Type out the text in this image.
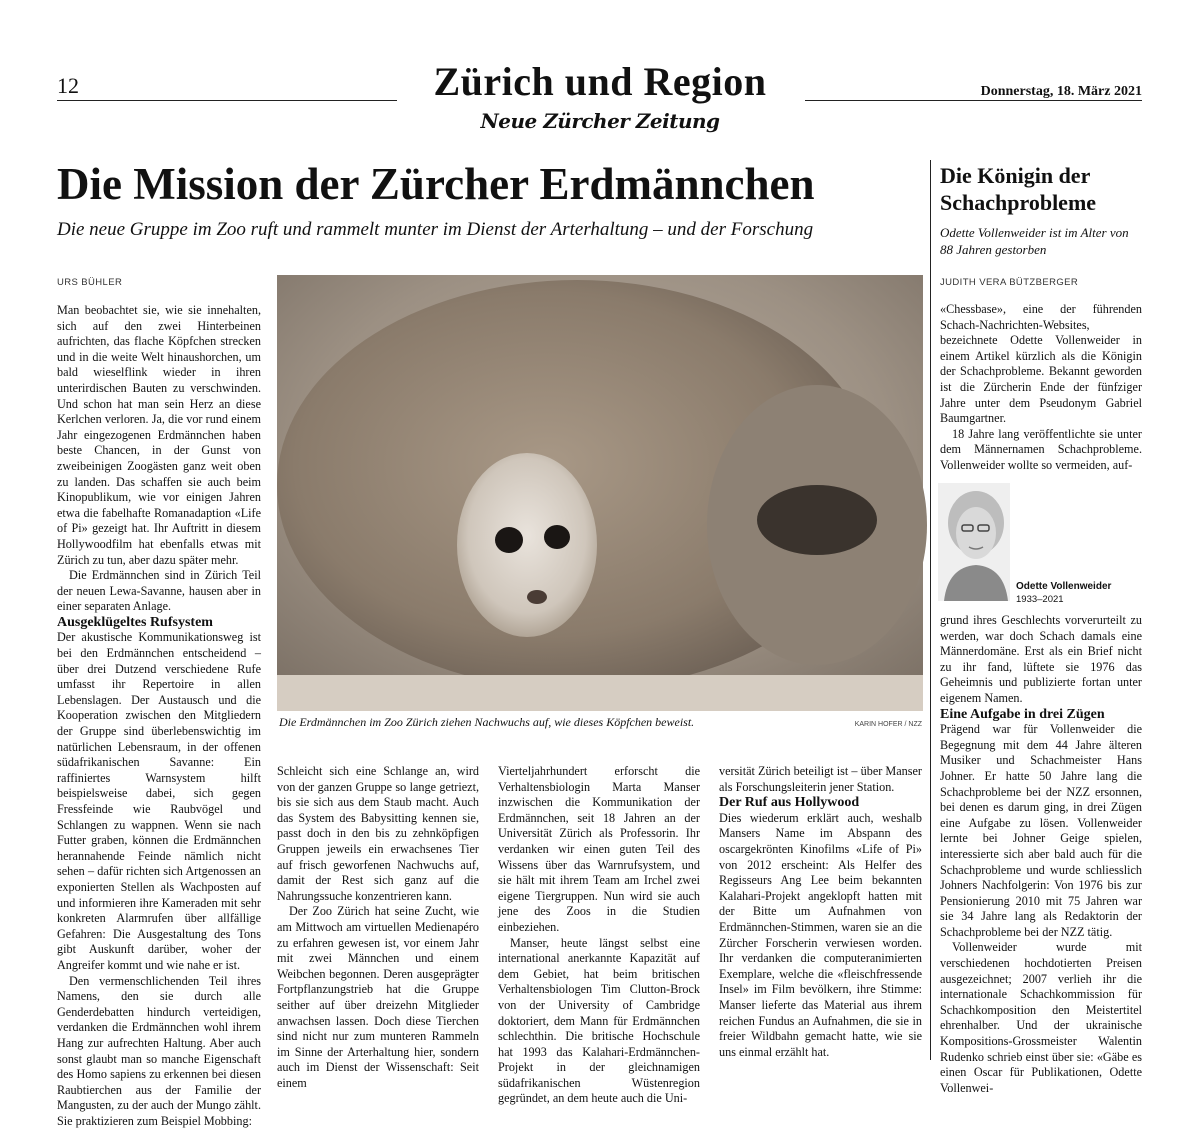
12	Zürich und Region
Neue Zürcher Zeitung
Donnerstag, 18. März 2021
Die Mission der Zürcher Erdmännchen
Die neue Gruppe im Zoo ruft und rammelt munter im Dienst der Arterhaltung – und der Forschung
URS BÜHLER

Man beobachtet sie, wie sie innehalten, sich auf den zwei Hinterbeinen aufrichten, das flache Köpfchen strecken und in die weite Welt hinaushorchen, um bald wieselflink wieder in ihren unterirdischen Bauten zu verschwinden. Und schon hat man sein Herz an diese Kerlchen verloren. Ja, die vor rund einem Jahr eingezogenen Erdmännchen haben beste Chancen, in der Gunst von zweibeinigen Zoogästen ganz weit oben zu landen. Das schaffen sie auch beim Kinopublikum, wie vor einigen Jahren etwa die fabelhafte Romanadaption «Life of Pi» gezeigt hat. Ihr Auftritt in diesem Hollywoodfilm hat ebenfalls etwas mit Zürich zu tun, aber dazu später mehr.

Die Erdmännchen sind in Zürich Teil der neuen Lewa-Savanne, hausen aber in einer separaten Anlage.

Ausgeklügeltes Rufsystem

Der akustische Kommunikationsweg ist bei den Erdmännchen entscheidend – über drei Dutzend verschiedene Rufe umfasst ihr Repertoire in allen Lebenslagen. Der Austausch und die Kooperation zwischen den Mitgliedern der Gruppe sind überlebenswichtig im natürlichen Lebensraum, in der offenen südafrikanischen Savanne: Ein raffiniertes Warnsystem hilft beispielsweise dabei, sich gegen Fressfeinde wie Raubvögel und Schlangen zu wappnen. Wenn sie nach Futter graben, können die Erdmännchen herannahende Feinde nämlich nicht sehen – dafür richten sich Artgenossen an exponierten Stellen als Wachposten auf und informieren ihre Kameraden mit sehr konkreten Alarmrufen über allfällige Gefahren: Die Ausgestaltung des Tons gibt Auskunft darüber, woher der Angreifer kommt und wie nahe er ist.

Den vermenschlichenden Teil ihres Namens, den sie durch alle Genderdebatten hindurch verteidigen, verdanken die Erdmännchen wohl ihrem Hang zur aufrechten Haltung. Aber auch sonst glaubt man so manche Eigenschaft des Homo sapiens zu erkennen bei diesen Raubtierchen aus der Familie der Mangusten, zu der auch der Mungo zählt. Sie praktizieren zum Beispiel Mobbing:

Die Erdmännchen im Zoo Zürich ziehen Nachwuchs auf, wie dieses Köpfchen beweist.	KARIN HOFER / NZZ

Schleicht sich eine Schlange an, wird von der ganzen Gruppe so lange getriezt, bis sie sich aus dem Staub macht. Auch das System des Babysitting kennen sie, passt doch in den bis zu zehnköpfigen Gruppen jeweils ein erwachsenes Tier auf frisch geworfenen Nachwuchs auf, damit der Rest sich ganz auf die Nahrungssuche konzentrieren kann.

Der Zoo Zürich hat seine Zucht, wie am Mittwoch am virtuellen Medienapéro zu erfahren gewesen ist, vor einem Jahr mit zwei Männchen und einem Weibchen begonnen. Deren ausgeprägter Fortpflanzungstrieb hat die Gruppe seither auf über dreizehn Mitglieder anwachsen lassen. Doch diese Tierchen sind nicht nur zum munteren Rammeln im Sinne der Arterhaltung hier, sondern auch im Dienst der Wissenschaft: Seit einem

Vierteljahrhundert erforscht die Verhaltensbiologin Marta Manser inzwischen die Kommunikation der Erdmännchen, seit 18 Jahren an der Universität Zürich als Professorin. Ihr verdanken wir einen guten Teil des Wissens über das Warnrufsystem, und sie hält mit ihrem Team am Irchel zwei eigene Tiergruppen. Nun wird sie auch jene des Zoos in die Studien einbeziehen.

Manser, heute längst selbst eine international anerkannte Kapazität auf dem Gebiet, hat beim britischen Verhaltensbiologen Tim Clutton-Brock von der University of Cambridge doktoriert, dem Mann für Erdmännchen schlechthin. Die britische Hochschule hat 1993 das Kalahari-Erdmännchen-Projekt in der gleichnamigen südafrikanischen Wüstenregion gegründet, an dem heute auch die Uni-

versität Zürich beteiligt ist – über Manser als Forschungsleiterin jener Station.

Der Ruf aus Hollywood

Dies wiederum erklärt auch, weshalb Mansers Name im Abspann des oscargekrönten Kinofilms «Life of Pi» von 2012 erscheint: Als Helfer des Regisseurs Ang Lee beim bekannten Kalahari-Projekt angeklopft hatten mit der Bitte um Aufnahmen von Erdmännchen-Stimmen, waren sie an die Zürcher Forscherin verwiesen worden. Ihr verdanken die computeranimierten Exemplare, welche die «fleischfressende Insel» im Film bevölkern, ihre Stimme: Manser lieferte das Material aus ihrem reichen Fundus an Aufnahmen, die sie in freier Wildbahn gemacht hatte, wie sie uns einmal erzählt hat.

Die Königin der Schachprobleme
Odette Vollenweider ist im Alter von 88 Jahren gestorben
JUDITH VERA BÜTZBERGER

«Chessbase», eine der führenden Schach-Nachrichten-Websites, bezeichnete Odette Vollenweider in einem Artikel kürzlich als die Königin der Schachprobleme. Bekannt geworden ist die Zürcherin Ende der fünfziger Jahre unter dem Pseudonym Gabriel Baumgartner.

18 Jahre lang veröffentlichte sie unter dem Männernamen Schachprobleme. Vollenweider wollte so vermeiden, auf-

Odette Vollenweider
1933–2021

grund ihres Geschlechts vorverurteilt zu werden, war doch Schach damals eine Männerdomäne. Erst als ein Brief nicht zu ihr fand, lüftete sie 1976 das Geheimnis und publizierte fortan unter eigenem Namen.

Eine Aufgabe in drei Zügen

Prägend war für Vollenweider die Begegnung mit dem 44 Jahre älteren Musiker und Schachmeister Hans Johner. Er hatte 50 Jahre lang die Schachprobleme bei der NZZ ersonnen, bei denen es darum ging, in drei Zügen eine Aufgabe zu lösen. Vollenweider lernte bei Johner Geige spielen, interessierte sich aber bald auch für die Schachprobleme und wurde schliesslich Johners Nachfolgerin: Von 1976 bis zur Pensionierung 2010 mit 75 Jahren war sie 34 Jahre lang als Redaktorin der Schachprobleme bei der NZZ tätig.

Vollenweider wurde mit verschiedenen hochdotierten Preisen ausgezeichnet; 2007 verlieh ihr die internationale Schachkommission für Schachkomposition den Meistertitel ehrenhalber. Und der ukrainische Kompositions-Grossmeister Walentin Rudenko schrieb einst über sie: «Gäbe es einen Oscar für Publikationen, Odette Vollenwei-
